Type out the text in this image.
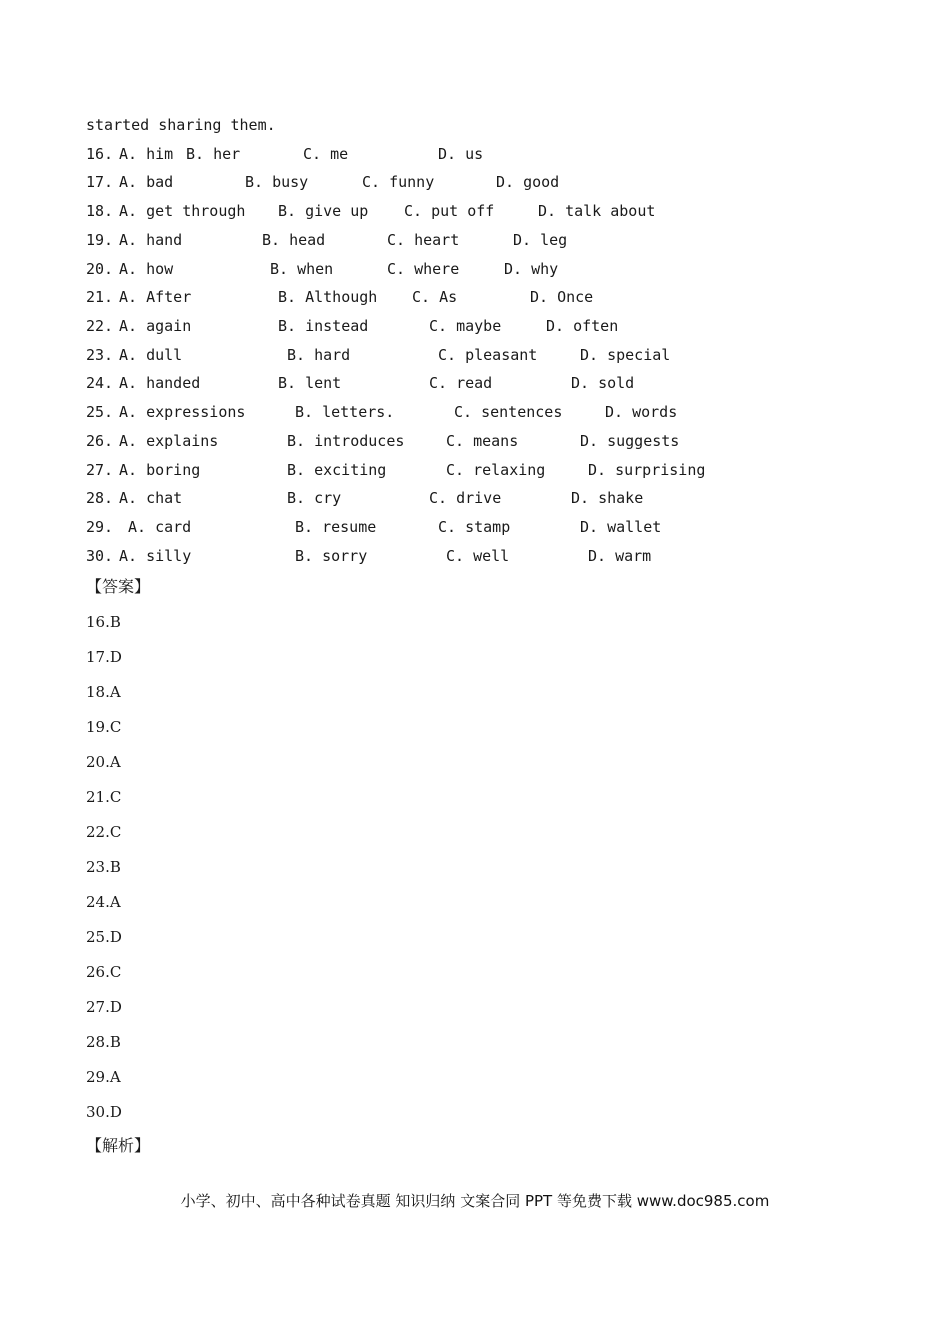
started sharing them.
16. A. him B. her	C. me	D. us
17. A. bad	B. busy	C. funny	D. good
18. A. get through B. give up C. put off	D. talk about
19. A. hand	B. head	C. heart	D. leg
20. A. how	B. when	C. where	D. why
21. A. After	B. Although C. As	D. Once
22. A. again	B. instead	C. maybe	D. often
23. A. dull	B. hard	C. pleasant	D. special
24. A. handed	B. lent	C. read	D. sold
25. A. expressions	B. letters.	C. sentences	D. words
26. A. explains	B. introduces	C. means	D. suggests
27. A. boring	B. exciting	C. relaxing	D. surprising
28. A. chat	B. cry	C. drive	D. shake
29. A. card	B. resume	C. stamp	D. wallet
30. A. silly	B. sorry	C. well	D. warm
【答案】
16.B
17.D
18.A
19.C
20.A
21.C
22.C
23.B
24.A
25.D
26.C
27.D
28.B
29.A
30.D
【解析】
小学、初中、高中各种试卷真题 知识归纳 文案合同 PPT 等免费下载 www.doc985.com
